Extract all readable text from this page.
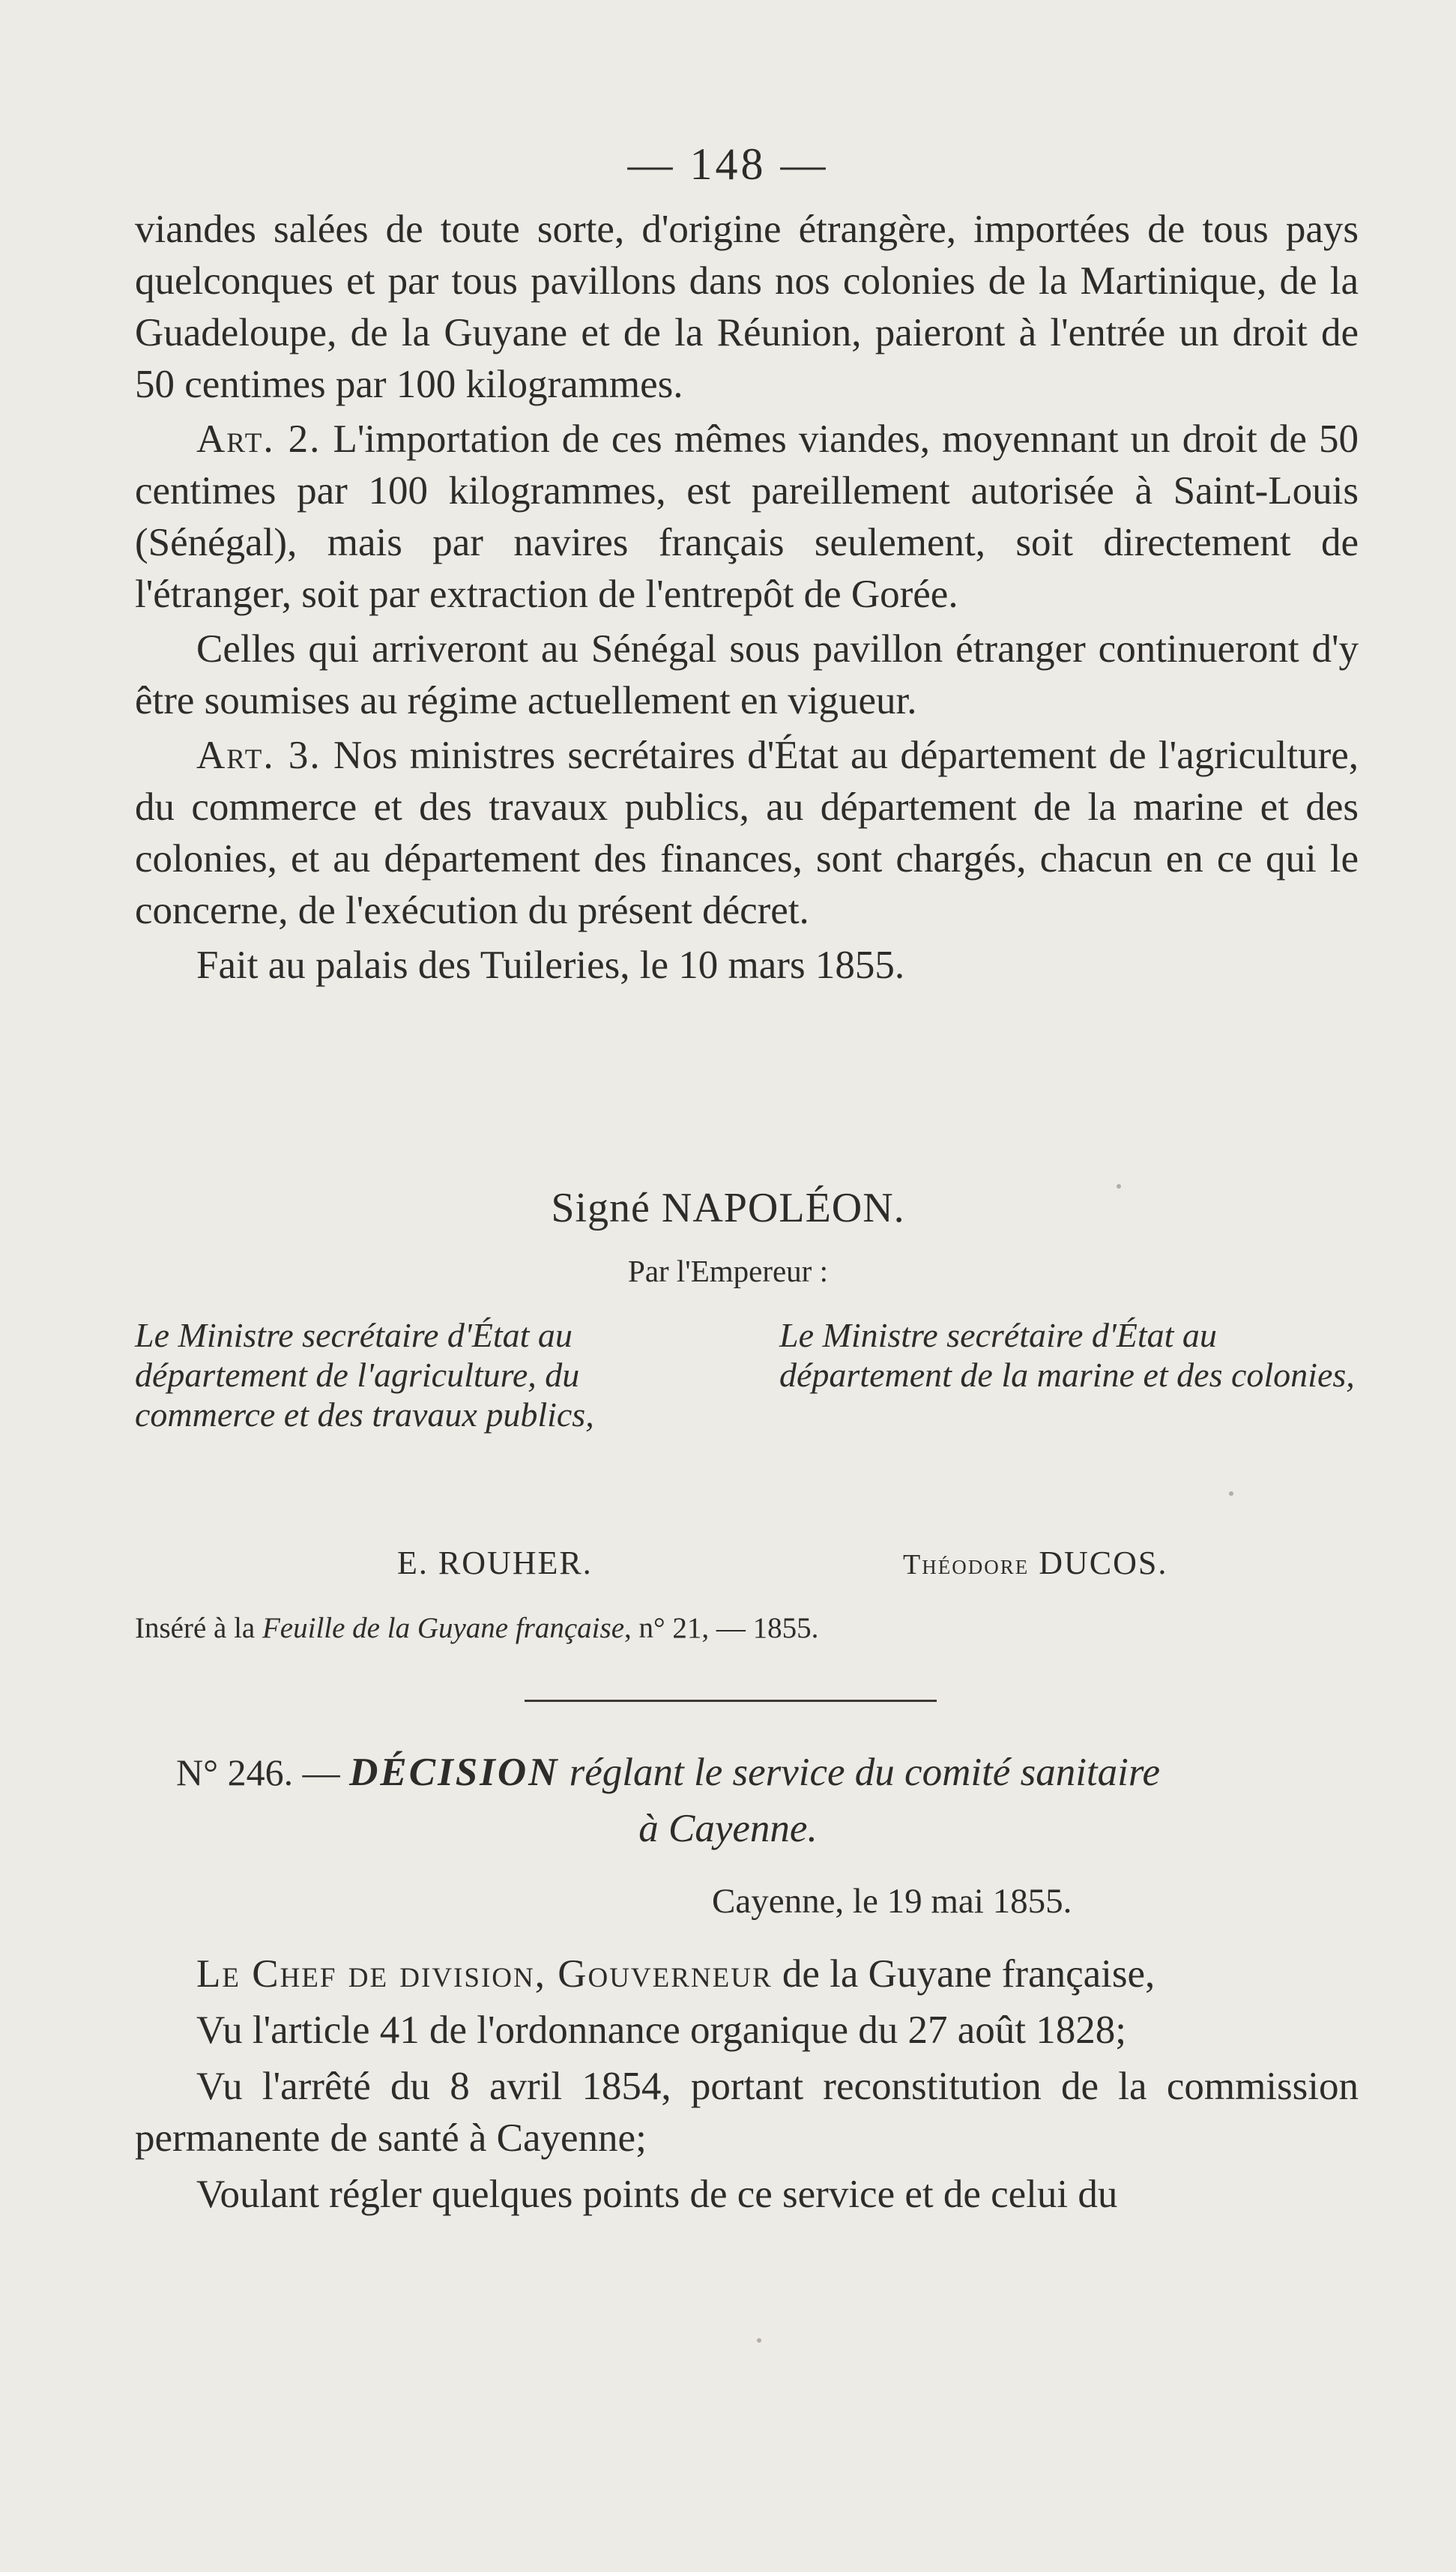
— 148 —

viandes salées de toute sorte, d'origine étrangère, importées de tous pays quelconques et par tous pavillons dans nos colonies de la Martinique, de la Guadeloupe, de la Guyane et de la Réunion, paieront à l'entrée un droit de 50 centimes par 100 kilogrammes.

Art. 2. L'importation de ces mêmes viandes, moyennant un droit de 50 centimes par 100 kilogrammes, est pareillement autorisée à Saint-Louis (Sénégal), mais par navires français seulement, soit directement de l'étranger, soit par extraction de l'entrepôt de Gorée.

Celles qui arriveront au Sénégal sous pavillon étranger continueront d'y être soumises au régime actuellement en vigueur.

Art. 3. Nos ministres secrétaires d'État au département de l'agriculture, du commerce et des travaux publics, au département de la marine et des colonies, et au département des finances, sont chargés, chacun en ce qui le concerne, de l'exécution du présent décret.

Fait au palais des Tuileries, le 10 mars 1855.

Signé NAPOLÉON.
Par l'Empereur :
Le Ministre secrétaire d'État au département de l'agriculture, du commerce et des travaux publics,
E. ROUHER.
Le Ministre secrétaire d'État au département de la marine et des colonies,
Théodore DUCOS.
Inséré à la Feuille de la Guyane française, n° 21, — 1855.
N° 246. — DÉCISION réglant le service du comité sanitaire
à Cayenne.
Cayenne, le 19 mai 1855.

Le Chef de division, Gouverneur de la Guyane française,

Vu l'article 41 de l'ordonnance organique du 27 août 1828;

Vu l'arrêté du 8 avril 1854, portant reconstitution de la commission permanente de santé à Cayenne;

Voulant régler quelques points de ce service et de celui du
